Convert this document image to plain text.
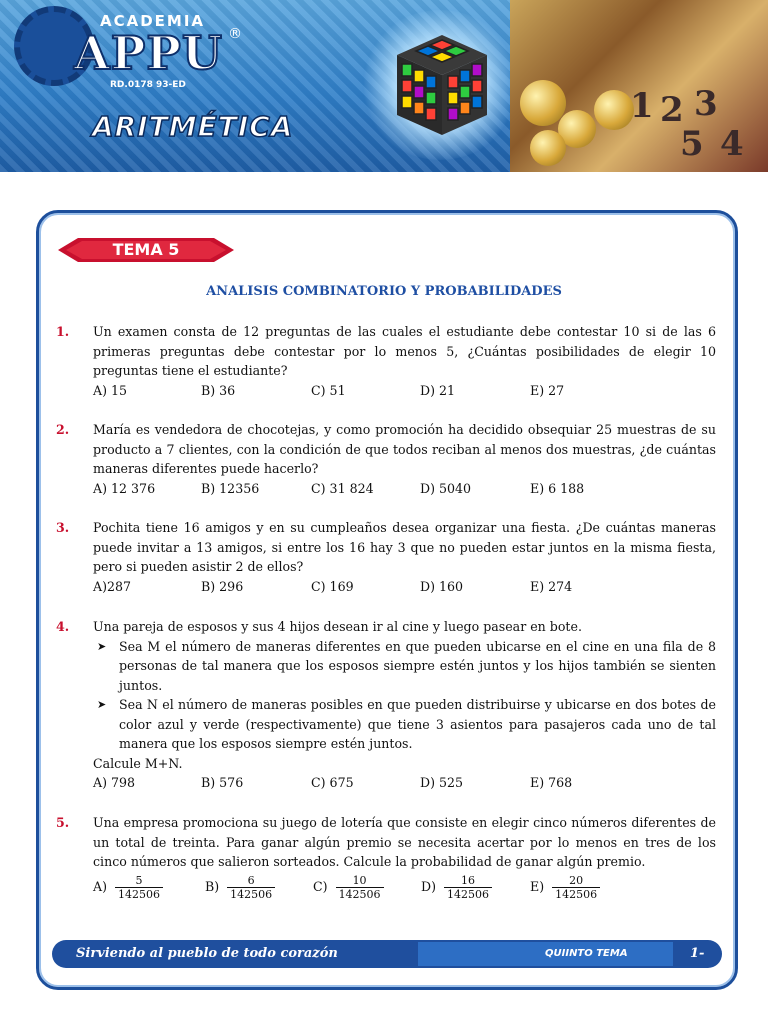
1 2 3
4
5
ACADEMIA
APPU ®
RD.0178 93-ED
ARITMÉTICA
TEMA 5
ANALISIS COMBINATORIO Y PROBABILIDADES
1. Un examen consta de 12 preguntas de las cuales el estudiante debe contestar 10 si de las 6 primeras preguntas debe contestar por lo menos 5, ¿Cuántas posibilidades de elegir 10 preguntas tiene el estudiante?
A) 15	B) 36	C) 51	D) 21	E) 27
2. María es vendedora de chocotejas, y como promoción ha decidido obsequiar 25 muestras de su producto a 7 clientes, con la condición de que todos reciban al menos dos muestras, ¿de cuántas maneras diferentes puede hacerlo?
A) 12 376	B) 12356	C) 31 824	D) 5040	E) 6 188
3. Pochita tiene 16 amigos y en su cumpleaños desea organizar una fiesta. ¿De cuántas maneras puede invitar a 13 amigos, si entre los 16 hay 3 que no pueden estar juntos en la misma fiesta, pero si pueden asistir 2 de ellos?
A)287	B) 296	C) 169	D) 160	E) 274
4. Una pareja de esposos y sus 4 hijos desean ir al cine y luego pasear en bote.
➤ Sea M el número de maneras diferentes en que pueden ubicarse en el cine en una fila de 8 personas de tal manera que los esposos siempre estén juntos y los hijos también se sienten juntos.
➤ Sea N el número de maneras posibles en que pueden distribuirse y ubicarse en dos botes de color azul y verde (respectivamente) que tiene 3 asientos para pasajeros cada uno de tal manera que los esposos siempre estén juntos.
Calcule M+N.
A) 798	B) 576	C) 675	D) 525	E) 768
5. Una empresa promociona su juego de lotería que consiste en elegir cinco números diferentes de un total de treinta. Para ganar algún premio se necesita acertar por lo menos en tres de los cinco números que salieron sorteados. Calcule la probabilidad de ganar algún premio.
$A) \frac{5}{142506}$	$B) \frac{6}{142506}$	$C) \frac{10}{142506}$	$D) \frac{16}{142506}$	$E) \frac{20}{142506}$
Sirviendo al pueblo de todo corazón	QUIINTO TEMA	1-
